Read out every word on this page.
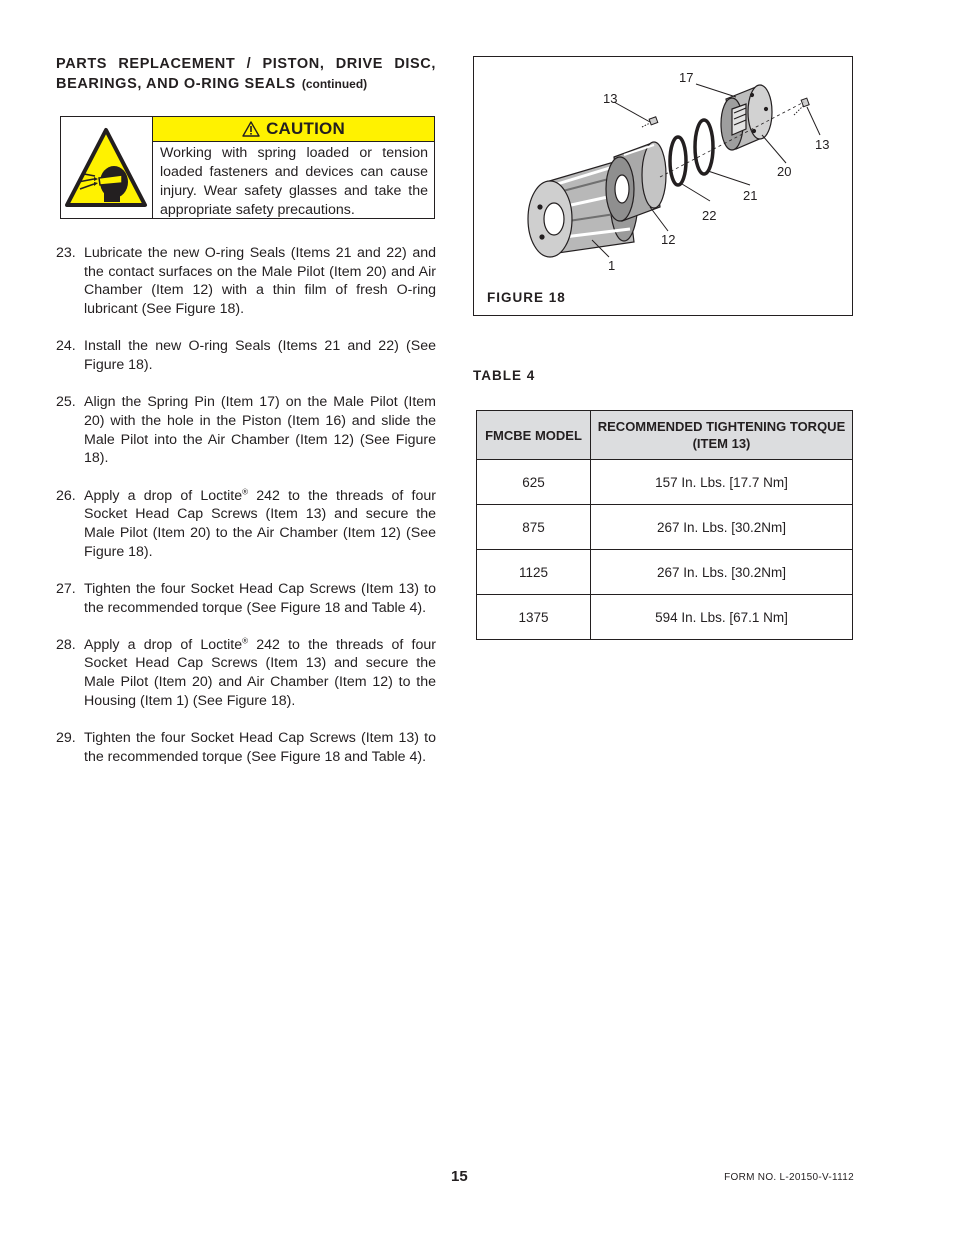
PARTS REPLACEMENT / PISTON, DRIVE DISC,
BEARINGS, AND O-RING SEALS (continued)
CAUTION
Working with spring loaded or tension loaded fasteners and devices can cause injury. Wear safety glasses and take the appropriate safety precautions.
23. Lubricate the new O-ring Seals (Items 21 and 22) and the contact surfaces on the Male Pilot (Item 20) and Air Chamber (Item 12) with a thin film of fresh O-ring lubricant (See Figure 18).
24. Install the new O-ring Seals (Items 21 and 22) (See Figure 18).
25. Align the Spring Pin (Item 17) on the Male Pilot (Item 20) with the hole in the Piston (Item 16) and slide the Male Pilot into the Air Chamber (Item 12) (See Figure 18).
26. Apply a drop of Loctite® 242 to the threads of four Socket Head Cap Screws (Item 13) and secure the Male Pilot (Item 20) to the Air Chamber (Item 12) (See Figure 18).
27. Tighten the four Socket Head Cap Screws (Item 13) to the recommended torque (See Figure 18 and Table 4).
28. Apply a drop of Loctite® 242 to the threads of four Socket Head Cap Screws (Item 13) and secure the Male Pilot (Item 20) and Air Chamber (Item 12) to the Housing (Item 1) (See Figure 18).
29. Tighten the four Socket Head Cap Screws (Item 13) to the recommended torque (See Figure 18 and Table 4).
17
13
13
20
21
22
12
1
FIGURE 18
TABLE 4
FMCBE MODEL	RECOMMENDED TIGHTENING TORQUE (ITEM 13)
625	157 In. Lbs. [17.7 Nm]
875	267 In. Lbs. [30.2Nm]
1125	267 In. Lbs. [30.2Nm]
1375	594 In. Lbs. [67.1 Nm]
15	FORM NO. L-20150-V-1112
